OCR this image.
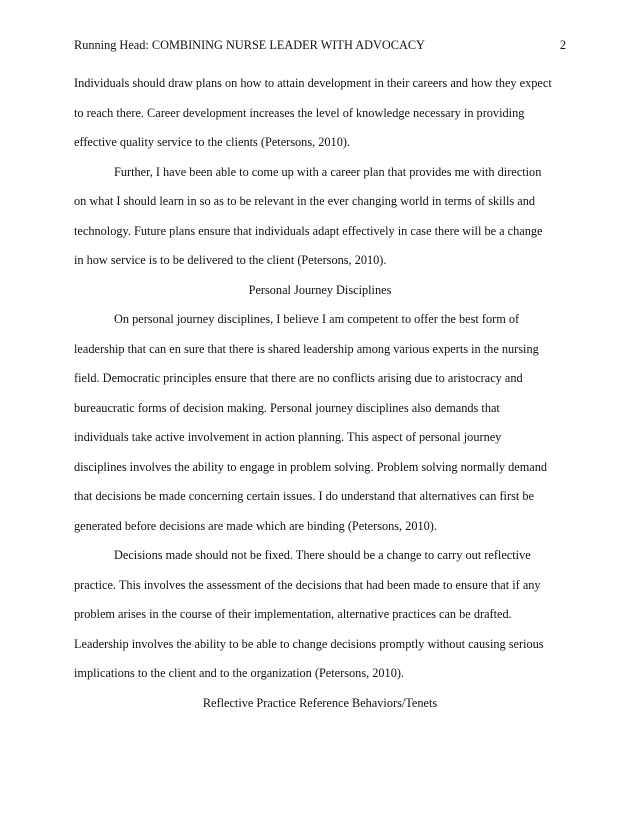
Running Head: COMBINING NURSE LEADER WITH ADVOCACY	2
Individuals should draw plans on how to attain development in their careers and how they expect
to reach there. Career development increases the level of knowledge necessary in providing
effective quality service to the clients (Petersons, 2010).
Further, I have been able to come up with a career plan that provides me with direction
on what I should learn in so as to be relevant in the ever changing world in terms of skills and
technology. Future plans ensure that individuals adapt effectively in case there will be a change
in how service is to be delivered to the client (Petersons, 2010).
Personal Journey Disciplines
On personal journey disciplines, I believe I am competent to offer the best form of
leadership that can en sure that there is shared leadership among various experts in the nursing
field. Democratic principles ensure that there are no conflicts arising due to aristocracy and
bureaucratic forms of decision making. Personal journey disciplines also demands that
individuals take active involvement in action planning. This aspect of personal journey
disciplines involves the ability to engage in problem solving. Problem solving normally demand
that decisions be made concerning certain issues. I do understand that alternatives can first be
generated before decisions are made which are binding (Petersons, 2010).
Decisions made should not be fixed. There should be a change to carry out reflective
practice. This involves the assessment of the decisions that had been made to ensure that if any
problem arises in the course of their implementation, alternative practices can be drafted.
Leadership involves the ability to be able to change decisions promptly without causing serious
implications to the client and to the organization (Petersons, 2010).
Reflective Practice Reference Behaviors/Tenets
